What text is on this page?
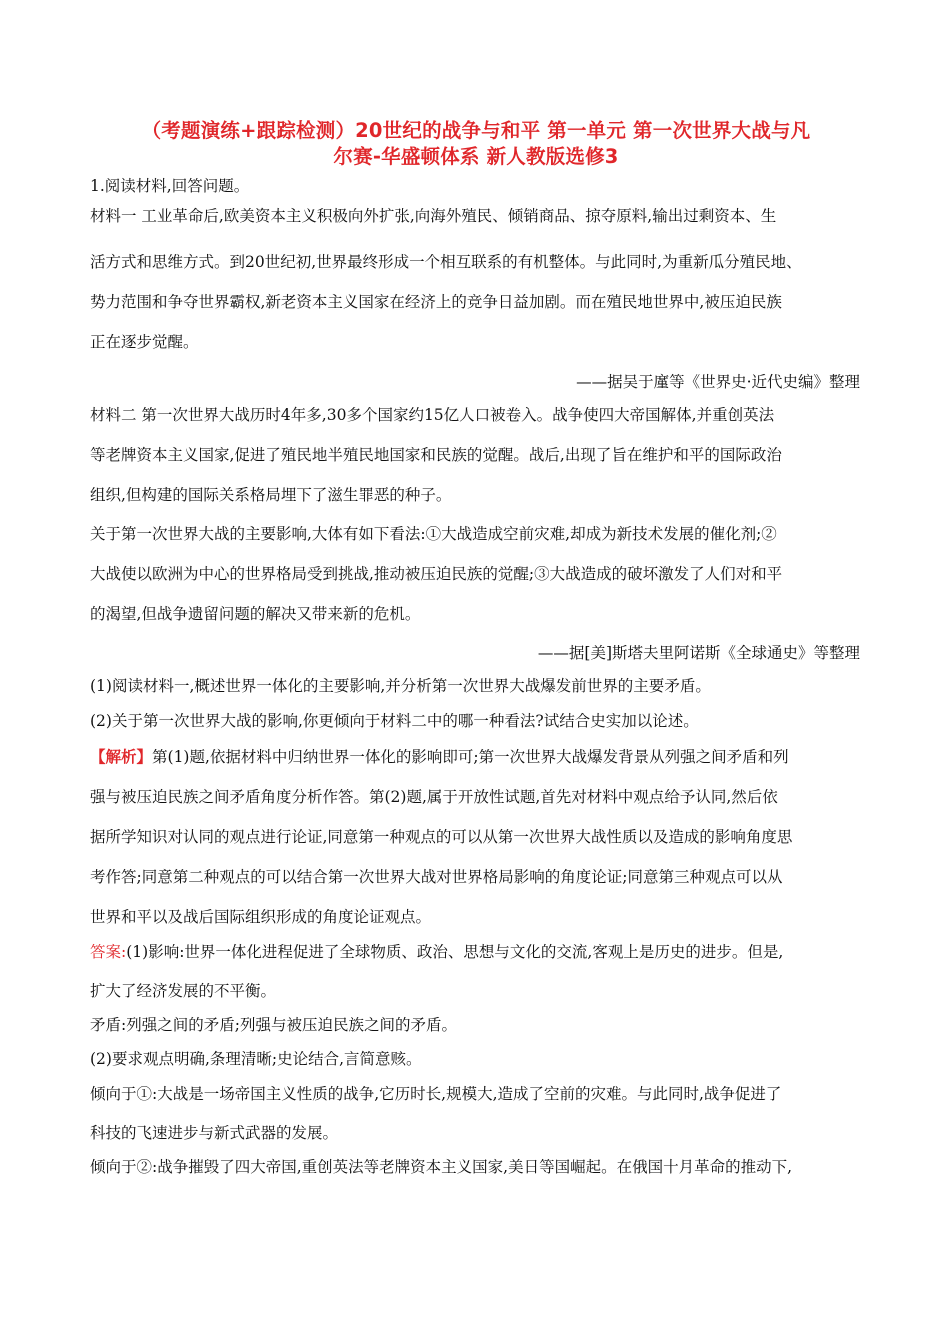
（考题演练+跟踪检测）20世纪的战争与和平 第一单元 第一次世界大战与凡
尔赛-华盛顿体系 新人教版选修3

1.阅读材料,回答问题。

材料一 工业革命后,欧美资本主义积极向外扩张,向海外殖民、倾销商品、掠夺原料,输出过剩资本、生

活方式和思维方式。到20世纪初,世界最终形成一个相互联系的有机整体。与此同时,为重新瓜分殖民地、

势力范围和争夺世界霸权,新老资本主义国家在经济上的竞争日益加剧。而在殖民地世界中,被压迫民族

正在逐步觉醒。

——据吴于廑等《世界史·近代史编》整理

材料二 第一次世界大战历时4年多,30多个国家约15亿人口被卷入。战争使四大帝国解体,并重创英法

等老牌资本主义国家,促进了殖民地半殖民地国家和民族的觉醒。战后,出现了旨在维护和平的国际政治

组织,但构建的国际关系格局埋下了滋生罪恶的种子。

关于第一次世界大战的主要影响,大体有如下看法:①大战造成空前灾难,却成为新技术发展的催化剂;②

大战使以欧洲为中心的世界格局受到挑战,推动被压迫民族的觉醒;③大战造成的破坏激发了人们对和平

的渴望,但战争遗留问题的解决又带来新的危机。

——据[美]斯塔夫里阿诺斯《全球通史》等整理

(1)阅读材料一,概述世界一体化的主要影响,并分析第一次世界大战爆发前世界的主要矛盾。

(2)关于第一次世界大战的影响,你更倾向于材料二中的哪一种看法?试结合史实加以论述。

【解析】第(1)题,依据材料中归纳世界一体化的影响即可;第一次世界大战爆发背景从列强之间矛盾和列

强与被压迫民族之间矛盾角度分析作答。第(2)题,属于开放性试题,首先对材料中观点给予认同,然后依

据所学知识对认同的观点进行论证,同意第一种观点的可以从第一次世界大战性质以及造成的影响角度思

考作答;同意第二种观点的可以结合第一次世界大战对世界格局影响的角度论证;同意第三种观点可以从

世界和平以及战后国际组织形成的角度论证观点。

答案:(1)影响:世界一体化进程促进了全球物质、政治、思想与文化的交流,客观上是历史的进步。但是,

扩大了经济发展的不平衡。

矛盾:列强之间的矛盾;列强与被压迫民族之间的矛盾。

(2)要求观点明确,条理清晰;史论结合,言简意赅。

倾向于①:大战是一场帝国主义性质的战争,它历时长,规模大,造成了空前的灾难。与此同时,战争促进了

科技的飞速进步与新式武器的发展。

倾向于②:战争摧毁了四大帝国,重创英法等老牌资本主义国家,美日等国崛起。在俄国十月革命的推动下,
